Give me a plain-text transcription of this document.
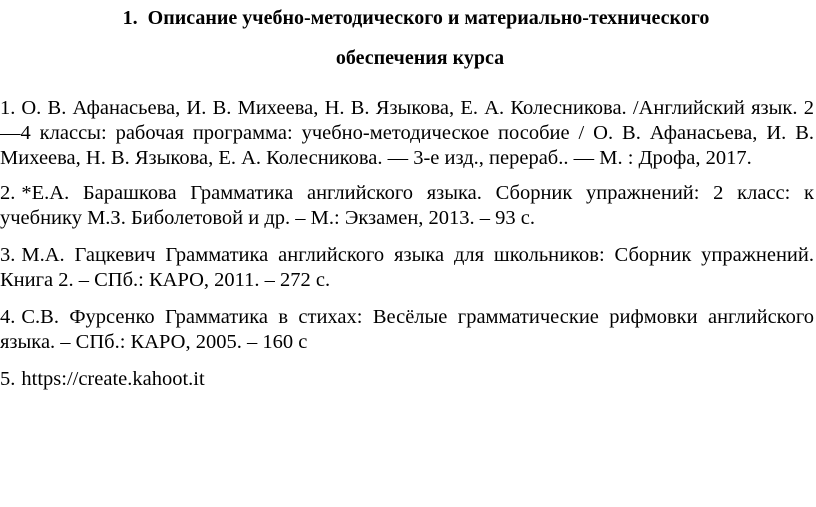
1. Описание учебно-методического и материально-технического
обеспечения курса
1. О. В. Афанасьева, И. В. Михеева, Н. В. Языкова, Е. А. Колесникова. /Английский язык. 2—4 классы: рабочая программа: учебно-методическое пособие / О. В. Афанасьева, И. В. Михеева, Н. В. Языкова, Е. А. Колесникова. — 3-е изд., перераб.. — М. : Дрофа, 2017.
2. *Е.А. Барашкова Грамматика английского языка. Сборник упражнений: 2 класс: к учебнику М.З. Биболетовой и др. – М.: Экзамен, 2013. – 93 с.
3. М.А. Гацкевич Грамматика английского языка для школьников: Сборник упражнений. Книга 2. – СПб.: КАРО, 2011. – 272 с.
4. С.В. Фурсенко Грамматика в стихах: Весёлые грамматические рифмовки английского языка. – СПб.: КАРО, 2005. – 160 с
5. https://create.kahoot.it
